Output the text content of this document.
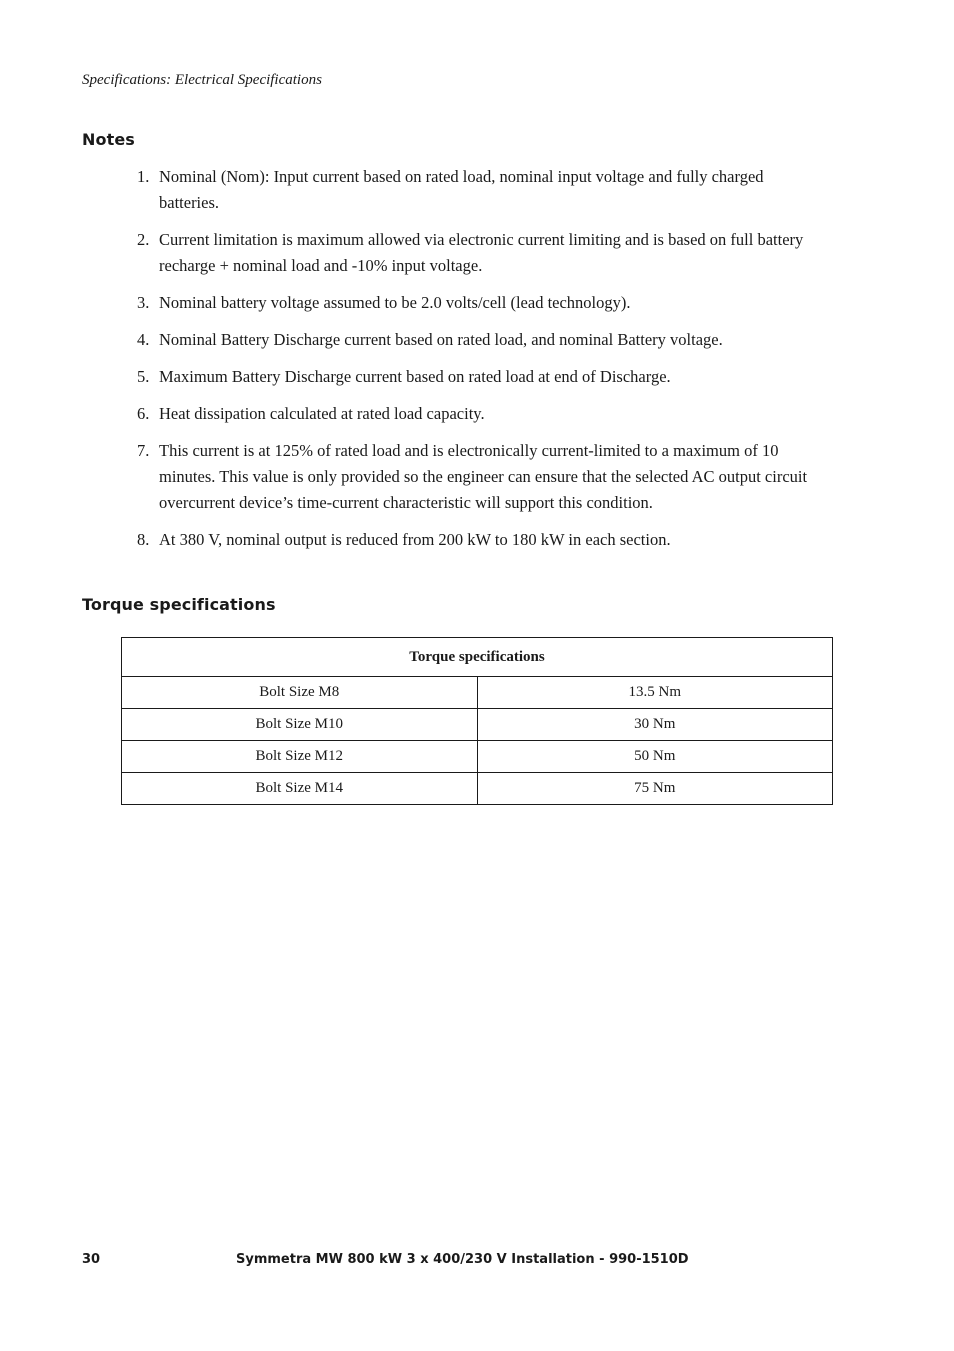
Specifications: Electrical Specifications
Notes
1. Nominal (Nom): Input current based on rated load, nominal input voltage and fully charged batteries.
2. Current limitation is maximum allowed via electronic current limiting and is based on full battery recharge + nominal load and -10% input voltage.
3. Nominal battery voltage assumed to be 2.0 volts/cell (lead technology).
4. Nominal Battery Discharge current based on rated load, and nominal Battery voltage.
5. Maximum Battery Discharge current based on rated load at end of Discharge.
6. Heat dissipation calculated at rated load capacity.
7. This current is at 125% of rated load and is electronically current-limited to a maximum of 10 minutes. This value is only provided so the engineer can ensure that the selected AC output circuit overcurrent device’s time-current characteristic will support this condition.
8. At 380 V, nominal output is reduced from 200 kW to 180 kW in each section.
Torque specifications
Torque specifications	
Bolt Size M8	13.5 Nm
Bolt Size M10	30 Nm
Bolt Size M12	50 Nm
Bolt Size M14	75 Nm
30	Symmetra MW 800 kW 3 x 400/230 V Installation - 990-1510D
